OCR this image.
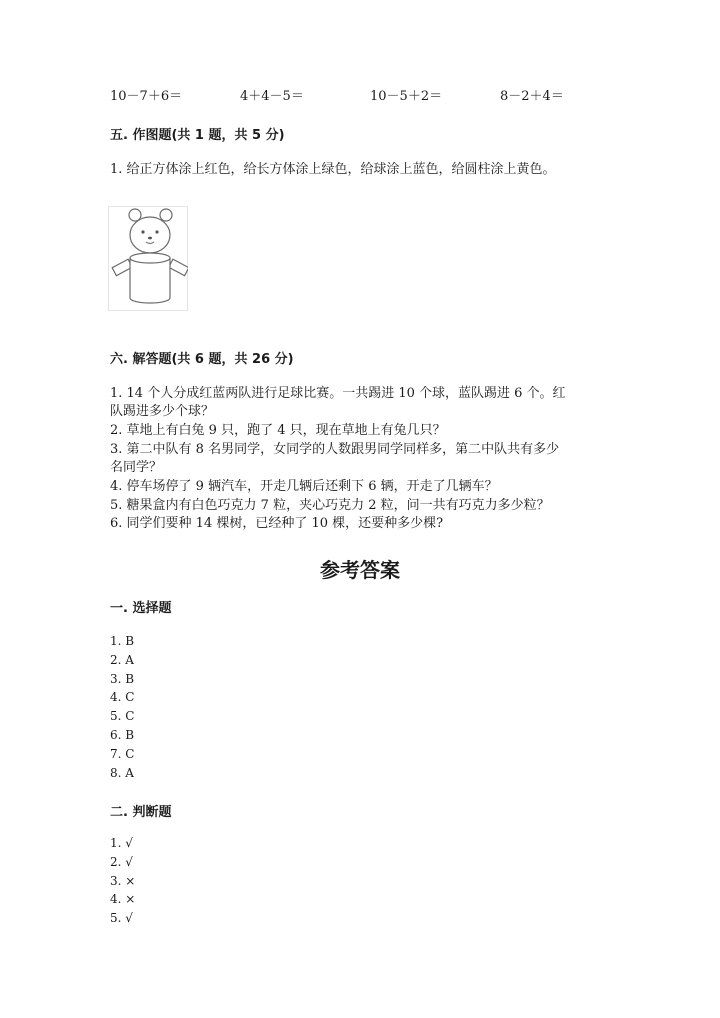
10－7＋6＝	4＋4－5＝	10－5＋2＝	8－2＋4＝
五. 作图题(共 1 题，共 5 分)
1. 给正方体涂上红色，给长方体涂上绿色，给球涂上蓝色，给圆柱涂上黄色。
六. 解答题(共 6 题，共 26 分)
1. 14 个人分成红蓝两队进行足球比赛。一共踢进 10 个球，蓝队踢进 6 个。红
队踢进多少个球？
2. 草地上有白兔 9 只，跑了 4 只，现在草地上有兔几只？
3. 第二中队有 8 名男同学，女同学的人数跟男同学同样多，第二中队共有多少
名同学？
4. 停车场停了 9 辆汽车，开走几辆后还剩下 6 辆，开走了几辆车？
5. 糖果盒内有白色巧克力 7 粒，夹心巧克力 2 粒，问一共有巧克力多少粒？
6. 同学们要种 14 棵树，已经种了 10 棵，还要种多少棵?
参考答案
一. 选择题
1. B
2. A
3. B
4. C
5. C
6. B
7. C
8. A
二. 判断题
1. √
2. √
3. ×
4. ×
5. √
